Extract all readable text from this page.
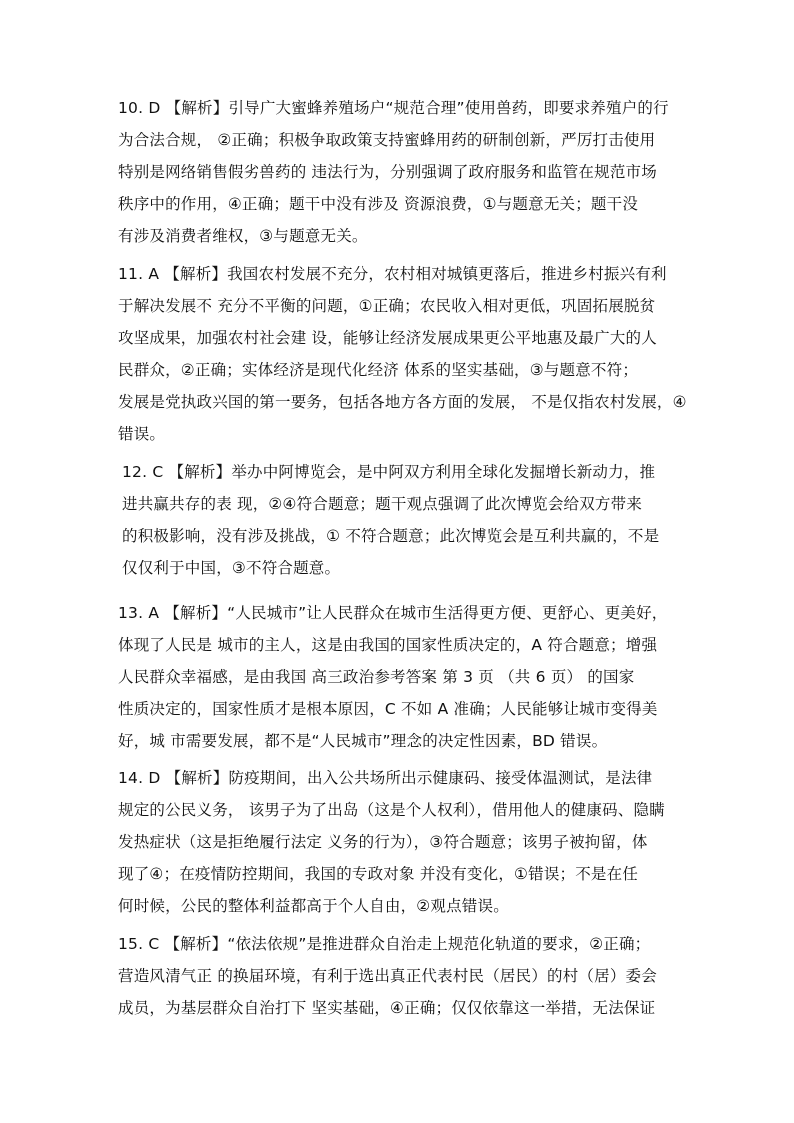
10. D 【解析】引导广大蜜蜂养殖场户“规范合理”使用兽药，即要求养殖户的行
为合法合规， ②正确；积极争取政策支持蜜蜂用药的研制创新，严厉打击使用
特别是网络销售假劣兽药的 违法行为，分别强调了政府服务和监管在规范市场
秩序中的作用，④正确；题干中没有涉及 资源浪费，①与题意无关；题干没
有涉及消费者维权，③与题意无关。
11. A 【解析】我国农村发展不充分，农村相对城镇更落后，推进乡村振兴有利
于解决发展不 充分不平衡的问题，①正确；农民收入相对更低，巩固拓展脱贫
攻坚成果，加强农村社会建 设，能够让经济发展成果更公平地惠及最广大的人
民群众，②正确；实体经济是现代化经济 体系的坚实基础，③与题意不符；
发展是党执政兴国的第一要务，包括各地方各方面的发展， 不是仅指农村发展，④
错误。
12. C 【解析】举办中阿博览会，是中阿双方利用全球化发掘增长新动力，推
进共赢共存的表 现，②④符合题意；题干观点强调了此次博览会给双方带来
的积极影响，没有涉及挑战，① 不符合题意；此次博览会是互利共赢的，不是
仅仅利于中国，③不符合题意。
13. A 【解析】“人民城市”让人民群众在城市生活得更方便、更舒心、更美好，
体现了人民是 城市的主人，这是由我国的国家性质决定的，A 符合题意；增强
人民群众幸福感，是由我国 高三政治参考答案 第 3 页 （共 6 页） 的国家
性质决定的，国家性质才是根本原因，C 不如 A 准确；人民能够让城市变得美
好，城 市需要发展，都不是“人民城市”理念的决定性因素，BD 错误。
14. D 【解析】防疫期间，出入公共场所出示健康码、接受体温测试，是法律
规定的公民义务， 该男子为了出岛（这是个人权利），借用他人的健康码、隐瞒
发热症状（这是拒绝履行法定 义务的行为），③符合题意；该男子被拘留，体
现了④；在疫情防控期间，我国的专政对象 并没有变化，①错误；不是在任
何时候，公民的整体利益都高于个人自由，②观点错误。
15. C 【解析】“依法依规”是推进群众自治走上规范化轨道的要求，②正确；
营造风清气正 的换届环境，有利于选出真正代表村民（居民）的村（居）委会
成员，为基层群众自治打下 坚实基础，④正确；仅仅依靠这一举措，无法保证
